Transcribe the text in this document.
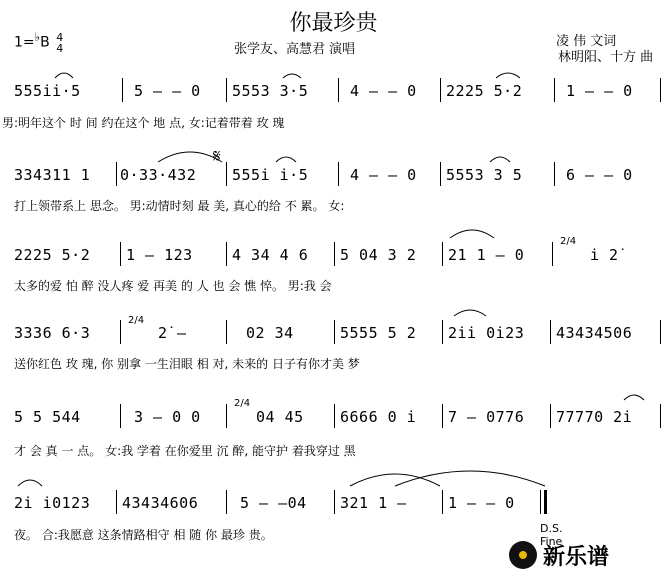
你最珍贵
1=♭B 4
4	张学友、高慧君 演唱
凌 伟 文词
林明阳、十方 曲
555i̇i̇·5	5 — — 0 5553 3·5	4 — — 0 2225 5·2	1 — — 0
男:明年这个 时 间 约在这个 地 点, 女:记着带着 玫 瑰
𝄋
334311 1 0·33·432 555i̇ i̇·5	4 — — 0 5553 3 5	6 — — 0
打上领带系上 思念。 男:动情时刻 最 美, 真心的给 不 累。 女:
2225 5·2 1 — 123	4 34 4 6 5 04 3 2 21 1 — 0
2/4
i̇ 2̇
太多的爱 怕 醉 没人疼 爱 再美 的 人 也 会 憔 悴。 男:我 会
3336 6·3
2/4
2̇ —	02 34	5555 5 2 2i̇i̇ 0i̇23 43434506
送你红色 玫 瑰, 你 别拿 一生泪眼 相 对, 未来的 日子有你才美 梦
5 5 544	3 — 0 0
2/4
04 45 6666 0 i̇ 7 — 0776 77770 2i̇
才 会 真 一 点。 女:我 学着 在你爱里 沉 醉, 能守护 着我穿过 黑
2i̇ i̇0123 43434606	5 — —04 321 1 —	1 — — 0
夜。 合:我愿意 这条情路相守 相 随 你 最珍 贵。	D.S.
Fine
新乐谱
